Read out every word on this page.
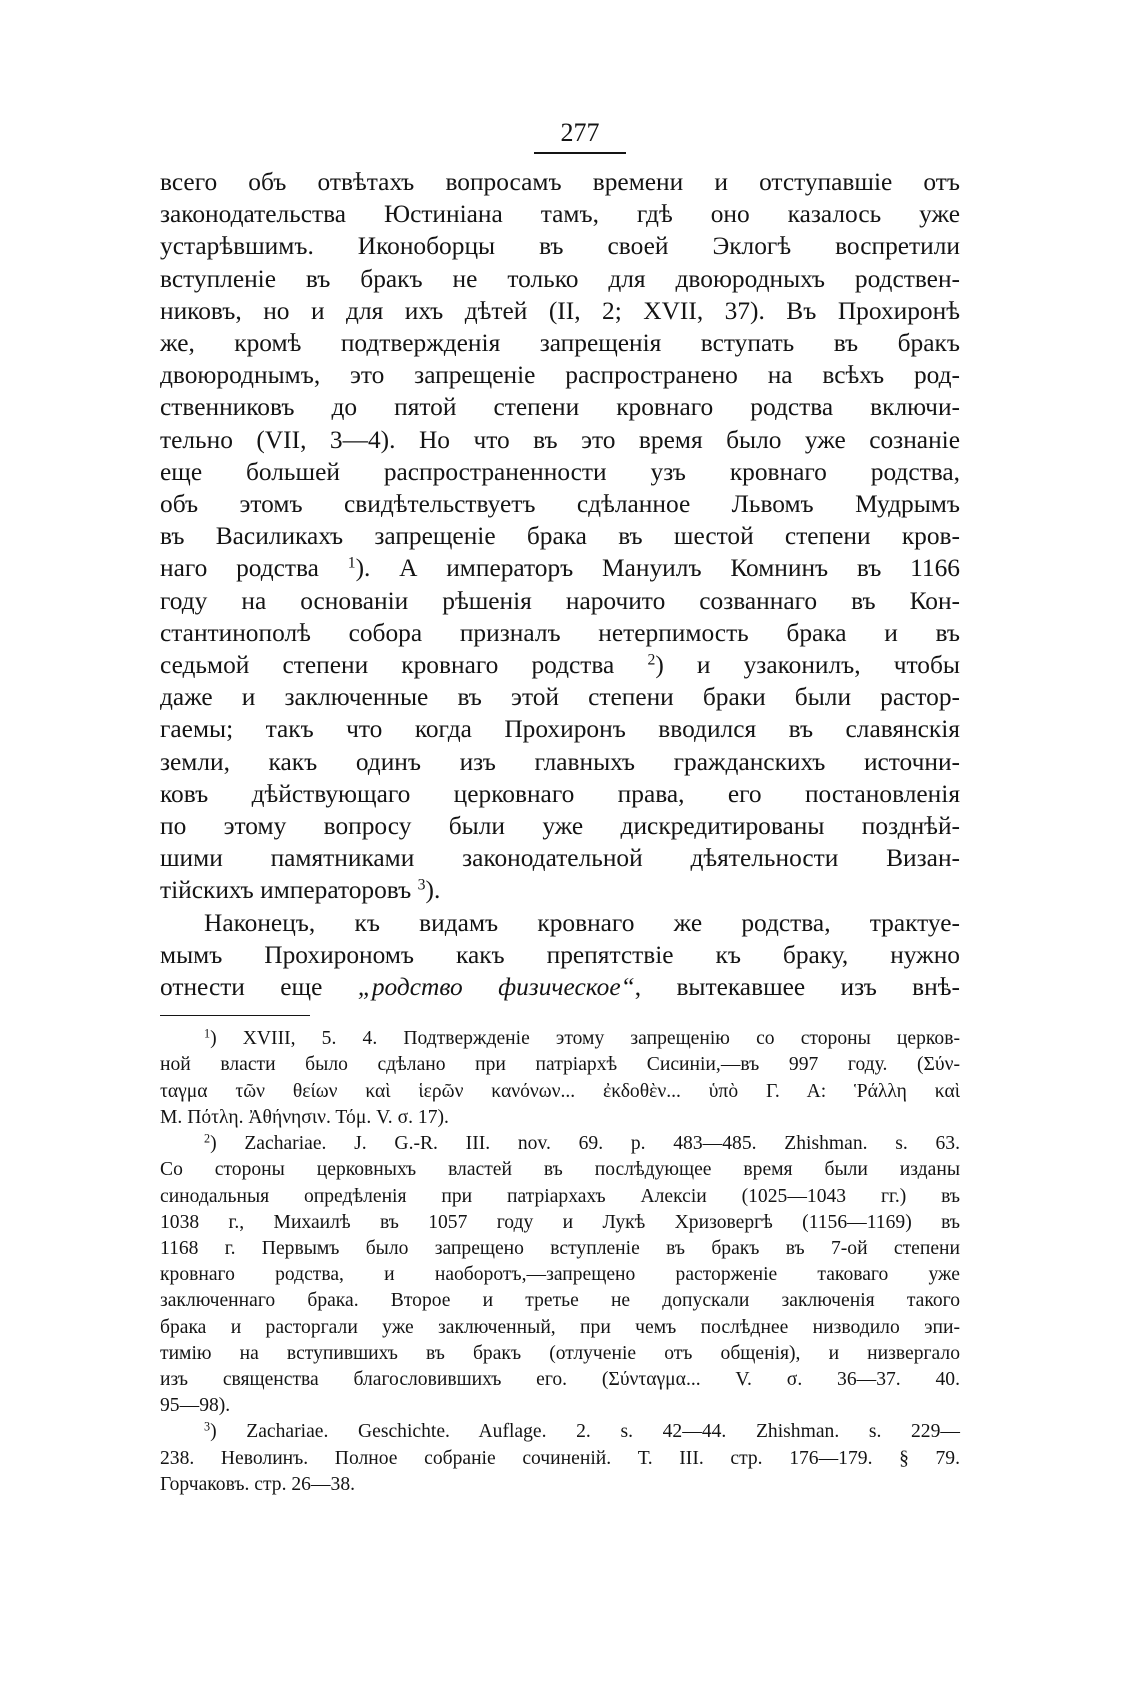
277

всего объ отвѣтахъ вопросамъ времени и отступавшіе отъ
законодательства Юстиніана тамъ, гдѣ оно казалось уже
устарѣвшимъ. Иконоборцы въ своей Эклогѣ воспретили
вступленіе въ бракъ не только для двоюродныхъ родствен-
никовъ, но и для ихъ дѣтей (II, 2; XVII, 37). Въ Прохиронѣ
же, кромѣ подтвержденія запрещенія вступать въ бракъ
двоюроднымъ, это запрещеніе распространено на всѣхъ род-
ственниковъ до пятой степени кровнаго родства включи-
тельно (VII, 3—4). Но что въ это время было уже сознаніе
еще большей распространенности узъ кровнаго родства,
объ этомъ свидѣтельствуетъ сдѣланное Львомъ Мудрымъ
въ Василикахъ запрещеніе брака въ шестой степени кров-
наго родства $^1$). А императоръ Мануилъ Комнинъ въ 1166
году на основаніи рѣшенія нарочито созваннаго въ Кон-
стантинополѣ собора призналъ нетерпимость брака и въ
седьмой степени кровнаго родства $^2$) и узаконилъ, чтобы
даже и заключенные въ этой степени браки были растор-
гаемы; такъ что когда Прохиронъ вводился въ славянскія
земли, какъ одинъ изъ главныхъ гражданскихъ источни-
ковъ дѣйствующаго церковнаго права, его постановленія
по этому вопросу были уже дискредитированы позднѣй-
шими памятниками законодательной дѣятельности Визан-
тійскихъ императоровъ $^3$).

Наконецъ, къ видамъ кровнаго же родства, трактуе-
мымъ Прохирономъ какъ препятствіе къ браку, нужно
отнести еще „родство физическое“, вытекавшее изъ внѣ-

$^1$) XVIII, 5. 4. Подтвержденіе этому запрещенію со стороны церков-
ной власти было сдѣлано при патріархѣ Сисиніи,—въ 997 году. (Σύν-
ταγμα τῶν θείων καὶ ἱερῶν κανόνων... ἐκδοθὲν... ὑπὸ Γ. Α: Ῥάλλη καὶ
Μ. Πότλη. Ἀθήνησιν. Τόμ. V. σ. 17).
$^2$) Zachariae. J. G.-R. III. nov. 69. p. 483—485. Zhishman. s. 63.
Со стороны церковныхъ властей въ послѣдующее время были изданы
синодальныя опредѣленія при патріархахъ Алексіи (1025—1043 гг.) въ
1038 г., Михаилѣ въ 1057 году и Лукѣ Хризовергѣ (1156—1169) въ
1168 г. Первымъ было запрещено вступленіе въ бракъ въ 7-ой степени
кровнаго родства, и наоборотъ,—запрещено расторженіе таковаго уже
заключеннаго брака. Второе и третье не допускали заключенія такого
брака и расторгали уже заключенный, при чемъ послѣднее низводило эпи-
тимію на вступившихъ въ бракъ (отлученіе отъ общенія), и низвергало
изъ священства благословившихъ его. (Σύνταγμα... V. σ. 36—37. 40.
95—98).
$^3$) Zachariae. Geschichte. Auflage. 2. s. 42—44. Zhishman. s. 229—
238. Неволинъ. Полное собраніе сочиненій. Т. III. стр. 176—179. § 79.
Горчаковъ. стр. 26—38.
